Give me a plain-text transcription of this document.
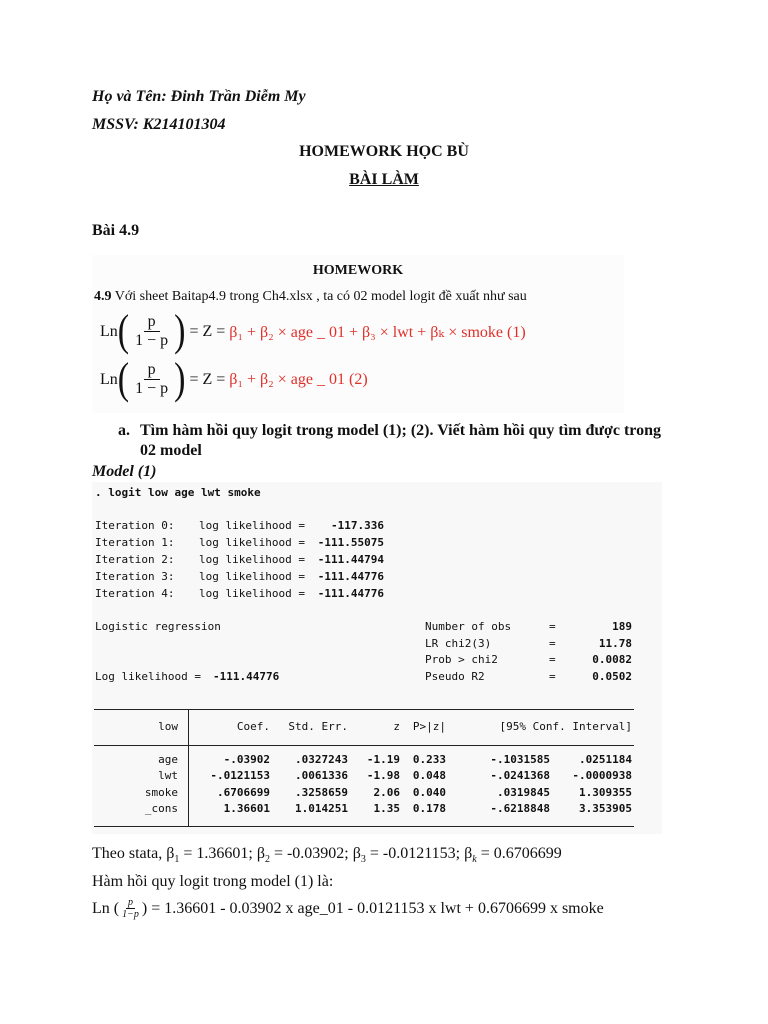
Họ và Tên: Đinh Trần Diễm My
MSSV: K214101304
HOMEWORK HỌC BÙ
BÀI LÀM
Bài 4.9
HOMEWORK
4.9 Với sheet Baitap4.9 trong Ch4.xlsx , ta có 02 model logit đề xuất như sau
Ln ( $\frac{p}{1 - p}$ ) = Z = β₁ + β₂ × age _ 01 + β₃ × lwt + βₖ × smoke (1)
Ln ( $\frac{p}{1 - p}$ ) = Z = β₁ + β₂ × age _ 01 (2)
a. Tìm hàm hồi quy logit trong model (1); (2). Viết hàm hồi quy tìm được trong
02 model
Model (1)
. logit low age lwt smoke
Iteration 0: log likelihood =	-117.336
Iteration 1: log likelihood =	-111.55075
Iteration 2: log likelihood =	-111.44794
Iteration 3: log likelihood =	-111.44776
Iteration 4: log likelihood =	-111.44776
Logistic regression
Log likelihood = -111.44776
Number of obs	=	189
LR chi2(3)	=	11.78
Prob > chi2	=	0.0082
Pseudo R2	=	0.0502
low	Coef.	Std. Err.	z	P>|z|	[95% Conf. Interval]
age	-.03902	.0327243	-1.19	0.233	-.1031585	.0251184
lwt	-.0121153	.0061336	-1.98	0.048	-.0241368	-.0000938
smoke	.6706699	.3258659	2.06	0.040	.0319845	1.309355
_cons	1.36601	1.014251	1.35	0.178	-.6218848	3.353905
Theo stata, $\beta_1 = 1.36601$; $\beta_2 = -0.03902$; $\beta_3 = -0.0121153$; $\beta_k = 0.6706699$
Hàm hồi quy logit trong model (1) là:
Ln ( $\frac{p}{1-p}$ ) = 1.36601 - 0.03902 x age_01 - 0.0121153 x lwt + 0.6706699 x smoke
